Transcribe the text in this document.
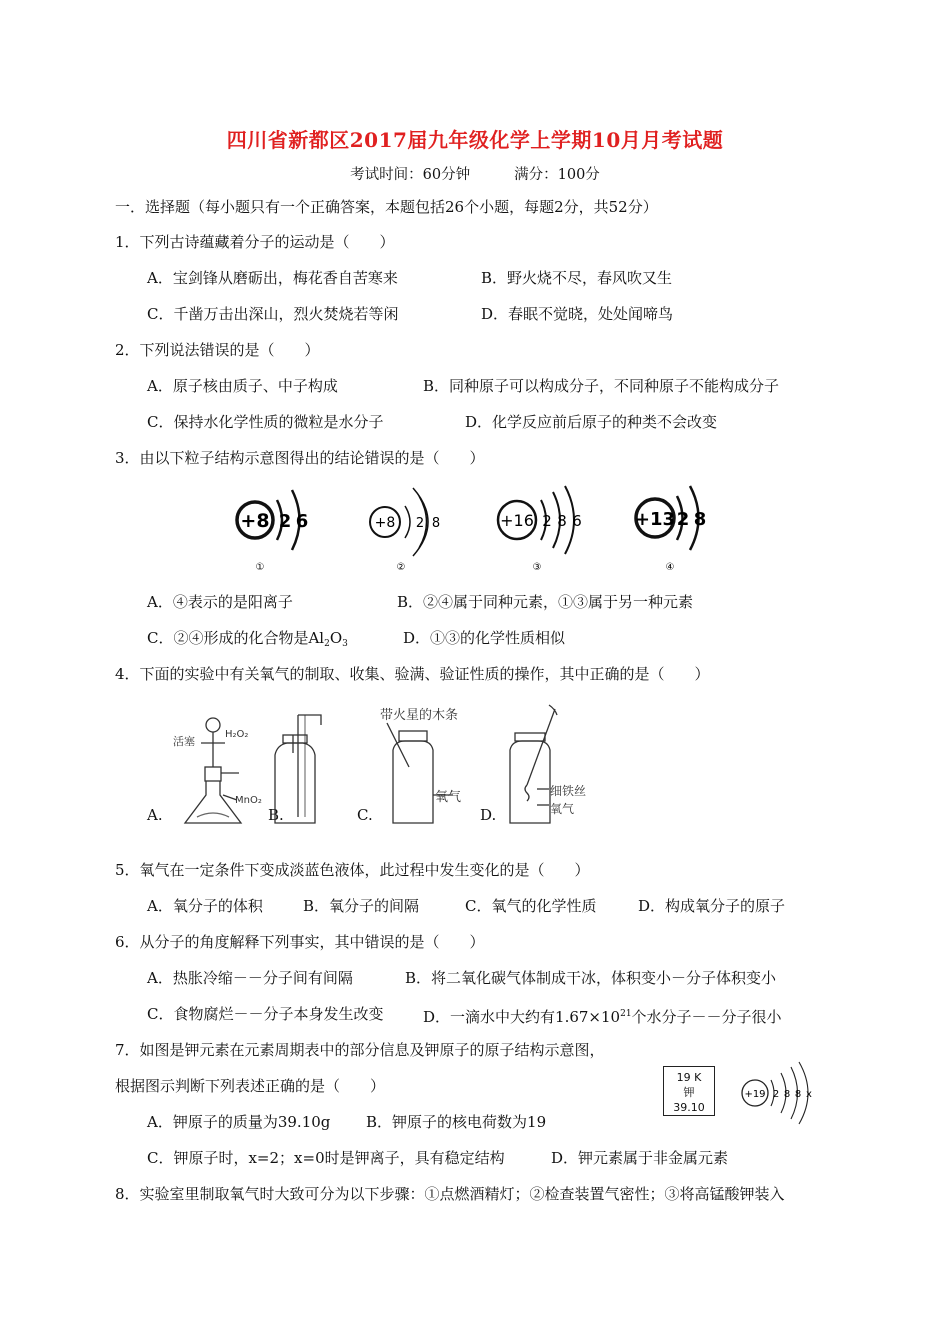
四川省新都区2017届九年级化学上学期10月月考试题
考试时间：60分钟	满分：100分
一．选择题（每小题只有一个正确答案，本题包括26个小题，每题2分，共52分）
1．下列古诗蕴藏着分子的运动是（　　）
A．宝剑锋从磨砺出，梅花香自苦寒来	B．野火烧不尽，春风吹又生
C．千凿万击出深山，烈火焚烧若等闲	D．春眠不觉晓，处处闻啼鸟
2．下列说法错误的是（　　）
A．原子核由质子、中子构成	B．同种原子可以构成分子，不同种原子不能构成分子
C．保持水化学性质的微粒是水分子	D．化学反应前后原子的种类不会改变
3．由以下粒子结构示意图得出的结论错误的是（　　）
+8 2 6
①
+8 2 8
②
+16 2 8 6
③
+13 2 8
④
A．④表示的是阳离子	B．②④属于同种元素，①③属于另一种元素
C．②④形成的化合物是$Al_2O_3$	D．①③的化学性质相似
4．下面的实验中有关氧气的制取、收集、验满、验证性质的操作，其中正确的是（　　）
A.	B.	C.	D.
活塞
H₂O₂
MnO₂
带火星的木条
氧气	细铁丝
氧气
5．氧气在一定条件下变成淡蓝色液体，此过程中发生变化的是（　　）
A．氧分子的体积	B．氧分子的间隔	C．氧气的化学性质	D．构成氧分子的原子
6．从分子的角度解释下列事实，其中错误的是（　　）
A．热胀冷缩－－分子间有间隔	B．将二氧化碳气体制成干冰，体积变小－分子体积变小
C．食物腐烂－－分子本身发生改变	D．一滴水中大约有$1.67\times 10^{21}$个水分子－－分子很小
7．如图是钾元素在元素周期表中的部分信息及钾原子的原子结构示意图，
根据图示判断下列表述正确的是（　　）	19 K
钾
39.10
+19 2 8 8 x
A．钾原子的质量为39.10g B．钾原子的核电荷数为19
C．钾原子时，x=2；x=0时是钾离子，具有稳定结构	D．钾元素属于非金属元素
8．实验室里制取氧气时大致可分为以下步骤：①点燃酒精灯；②检查装置气密性；③将高锰酸钾装入
